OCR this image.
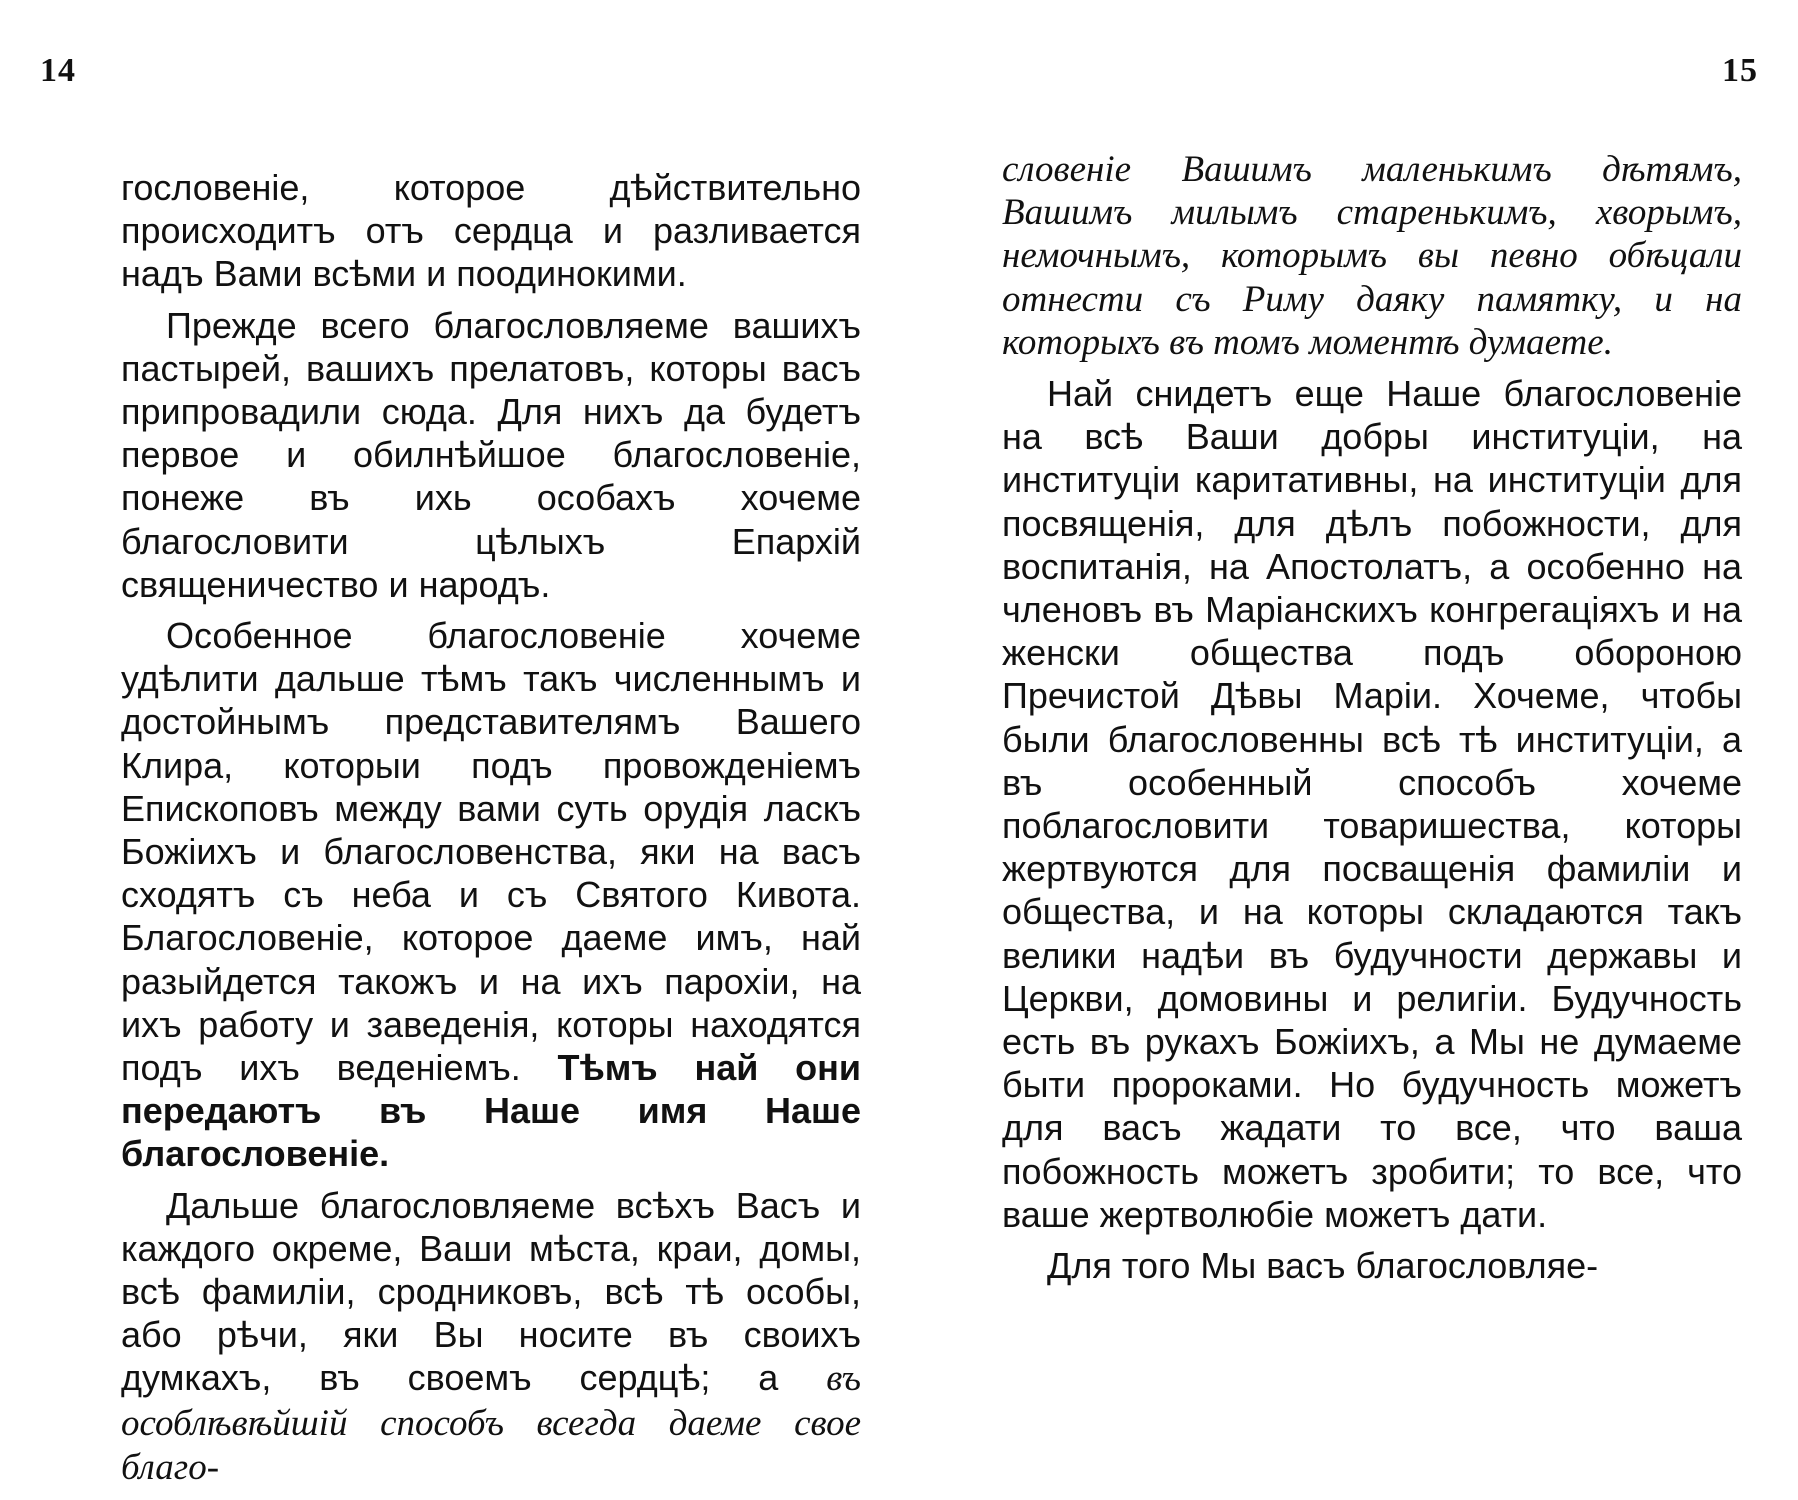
14

гословенie, которое дѣйствительно происходитъ отъ сердца и разливается надъ Вами всѣми и поодинокими.

Прежде всего благословляеме вашихъ пастырей, вашихъ прелатовъ, которы васъ припровадили сюда. Для нихъ да будетъ первое и обилнѣйшое благословенie, понеже въ ихь особахъ хочеме благословити цѣлыхъ Епархiй священичество и народъ.

Особенное благословенie хочеме удѣлити дальше тѣмъ такъ численнымъ и достойнымъ представителямъ Вашего Клира, которыи подъ провожденieмъ Епископовъ между вами суть орудiя ласкъ Божiихъ и благословенства, яки на васъ сходятъ съ неба и съ Святого Кивота. Благословенie, которое даеме имъ, най разыйдется такожъ и на ихъ парохiи, на ихъ работу и заведенiя, которы находятся подъ ихъ веденieмъ. Тѣмъ най они передаютъ въ Наше имя Наше благословенie.

Дальше благословляеме всѣхъ Васъ и каждого окреме, Ваши мѣста, краи, домы, всѣ фамилiи, сродниковъ, всѣ тѣ особы, або рѣчи, яки Вы носите въ своихъ думкахъ, въ своемъ сердцѣ; а въ особлѣвѣйшiй способъ всегда даеме свое благо-

15

словенie Вашимъ маленькимъ дѣтямъ, Вашимъ милымъ старенькимъ, хворымъ, немочнымъ, которымъ вы певно обѣцали отнести съ Риму даяку памятку, и на которыхъ въ томъ моментѣ думаете.

Най снидетъ еще Наше благословенie на всѣ Ваши добры институцiи, на институцiи каритативны, на институцiи для посвященiя, для дѣлъ побожности, для воспитанiя, на Апостолатъ, а особенно на членовъ въ Марiанскихъ конгрегацiяхъ и на женски общества подъ обороною Пречистой Дѣвы Марiи. Хочеме, чтобы были благословенны всѣ тѣ институцiи, а въ особенный способъ хочеме поблагословити товаришества, которы жертвуются для посващенiя фамилiи и общества, и на которы складаются такъ велики надѣи въ будучности державы и Церкви, домовины и религiи. Будучность есть въ рукахъ Божiихъ, а Мы не думаеме быти пророками. Но будучность можетъ для васъ жадати то все, что ваша побожность можетъ зробити; то все, что ваше жертволюбie можетъ дати.

Для того Мы васъ благословляе-
